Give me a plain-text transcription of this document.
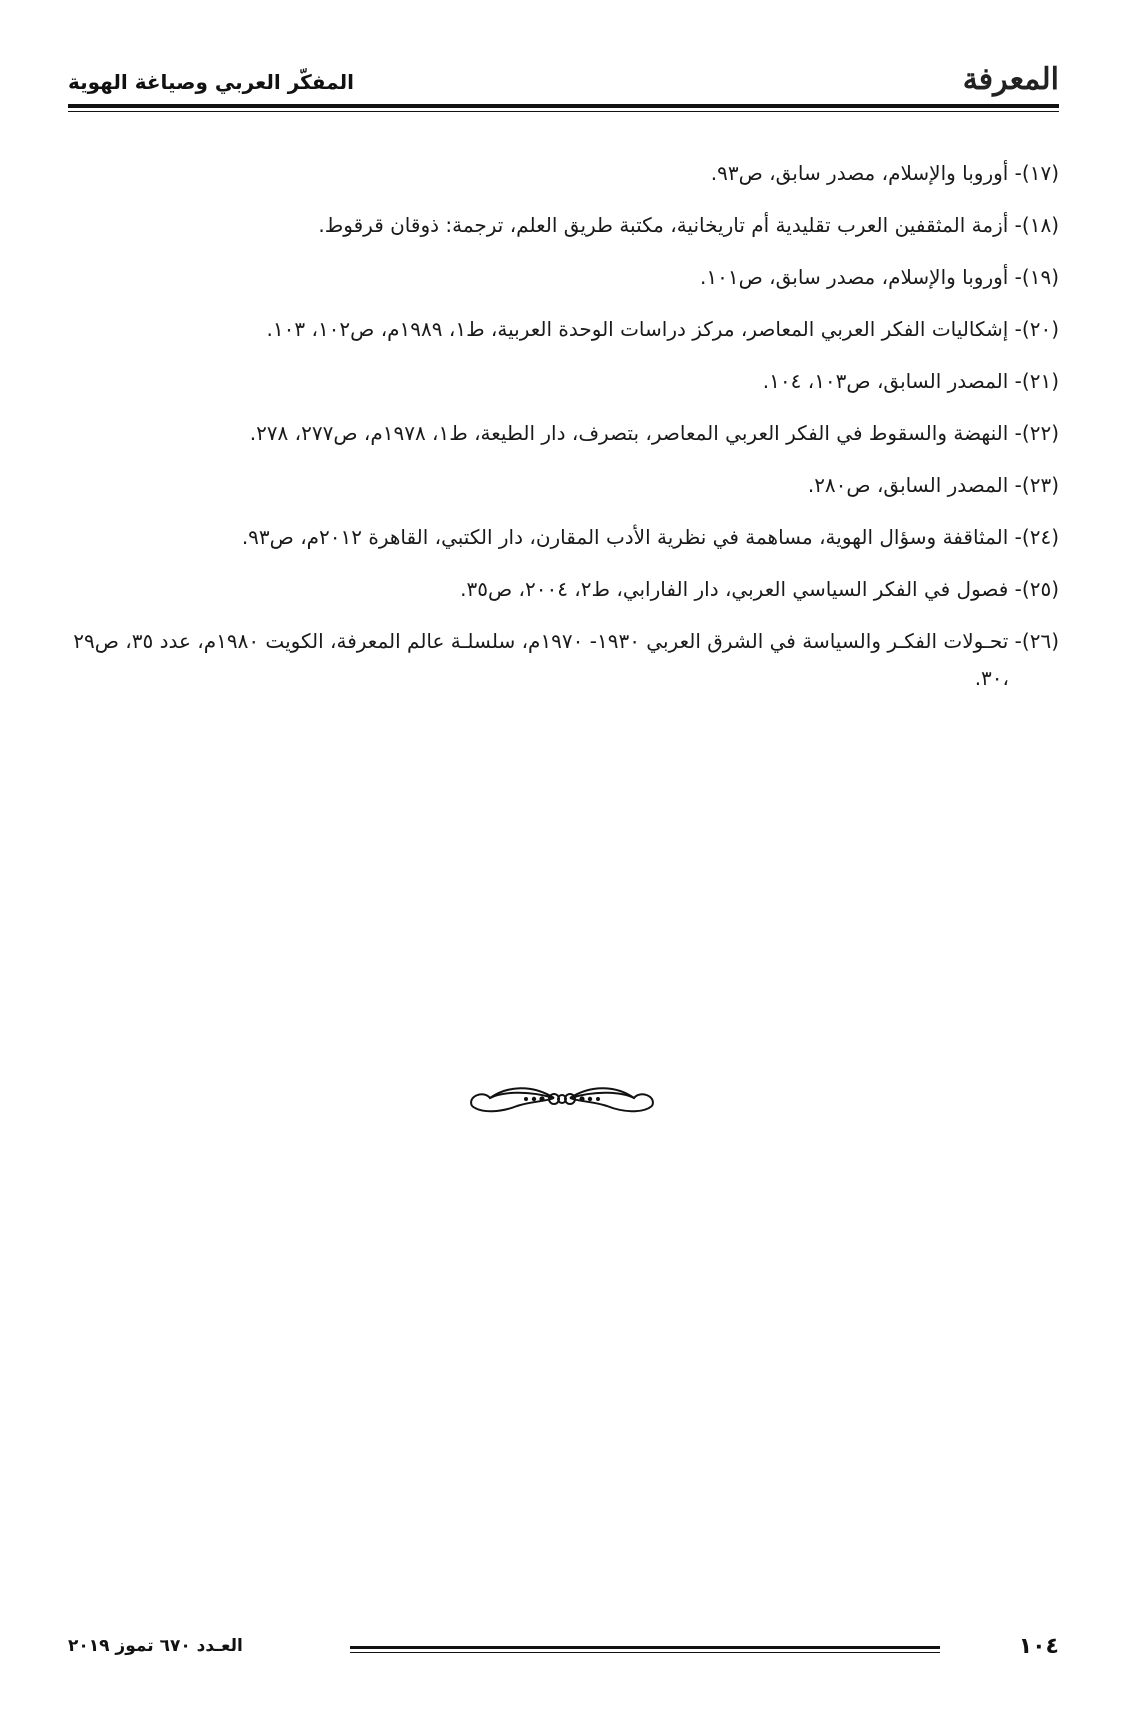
المعرفة
المفكّر العربي وصياغة الهوية

(١٧)- أوروبا والإسلام، مصدر سابق، ص٩٣.

(١٨)- أزمة المثقفين العرب تقليدية أم تاريخانية، مكتبة طريق العلم، ترجمة: ذوقان قرقوط.

(١٩)- أوروبا والإسلام، مصدر سابق، ص١٠١.

(٢٠)- إشكاليات الفكر العربي المعاصر، مركز دراسات الوحدة العربية، ط١، ١٩٨٩م، ص١٠٢، ١٠٣.

(٢١)- المصدر السابق، ص١٠٣، ١٠٤.

(٢٢)- النهضة والسقوط في الفكر العربي المعاصر، بتصرف، دار الطيعة، ط١، ١٩٧٨م، ص٢٧٧، ٢٧٨.

(٢٣)- المصدر السابق، ص٢٨٠.

(٢٤)- المثاقفة وسؤال الهوية، مساهمة في نظرية الأدب المقارن، دار الكتبي، القاهرة ٢٠١٢م، ص٩٣.

(٢٥)- فصول في الفكر السياسي العربي، دار الفارابي، ط٢، ٢٠٠٤، ص٣٥.

(٢٦)- تحـولات الفكـر والسياسة في الشرق العربي ١٩٣٠- ١٩٧٠م، سلسلـة عالم المعرفة، الكويت ١٩٨٠م، عدد ٣٥، ص٢٩ ،٣٠.

١٠٤
العـدد ٦٧٠ تموز ٢٠١٩
